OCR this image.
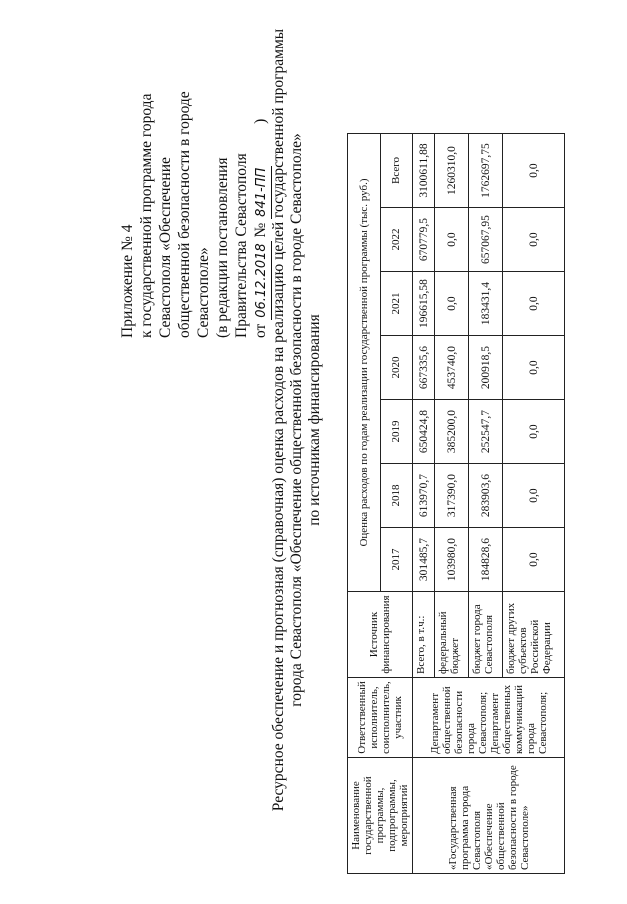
Приложение № 4 к государственной программе города Севастополя «Обеспечение общественной безопасности в городе Севастополе» (в редакции постановления Правительства Севастополя от 06.12.2018 № 841-ПП ) Ресурсное обеспечение и прогнозная (справочная) оценка расходов на реализацию целей государственной программы города Севастополя «Обеспечение общественной безопасности в городе Севастополе» по источникам финансирования
Наименование государственной программы, подпрограммы, мероприятий	Ответственный исполнитель, соисполнитель, участник	Источник финансирования	Оценка расходов по годам реализации государственной программы (тыс. руб.)						
			2017	2018	2019	2020	2021	2022	Всего
«Государственная программа города Севастополя «Обеспечение общественной безопасности в городе Севастополе»	Департамент общественной безопасности города Севастополя; Департамент общественных коммуникаций города Севастополя;	Всего, в т.ч.:	301485,7	613970,7	650424,8	667335,6	196615,58	670779,5	3100611,88
		федеральный бюджет	103980,0	317390,0	385200,0	453740,0	0,0	0,0	1260310,0
		бюджет города Севастополя	184828,6	283903,6	252547,7	200918,5	183431,4	657067,95	1762697,75
		бюджет других субъектов Российской Федерации	0,0	0,0	0,0	0,0	0,0	0,0	0,0
